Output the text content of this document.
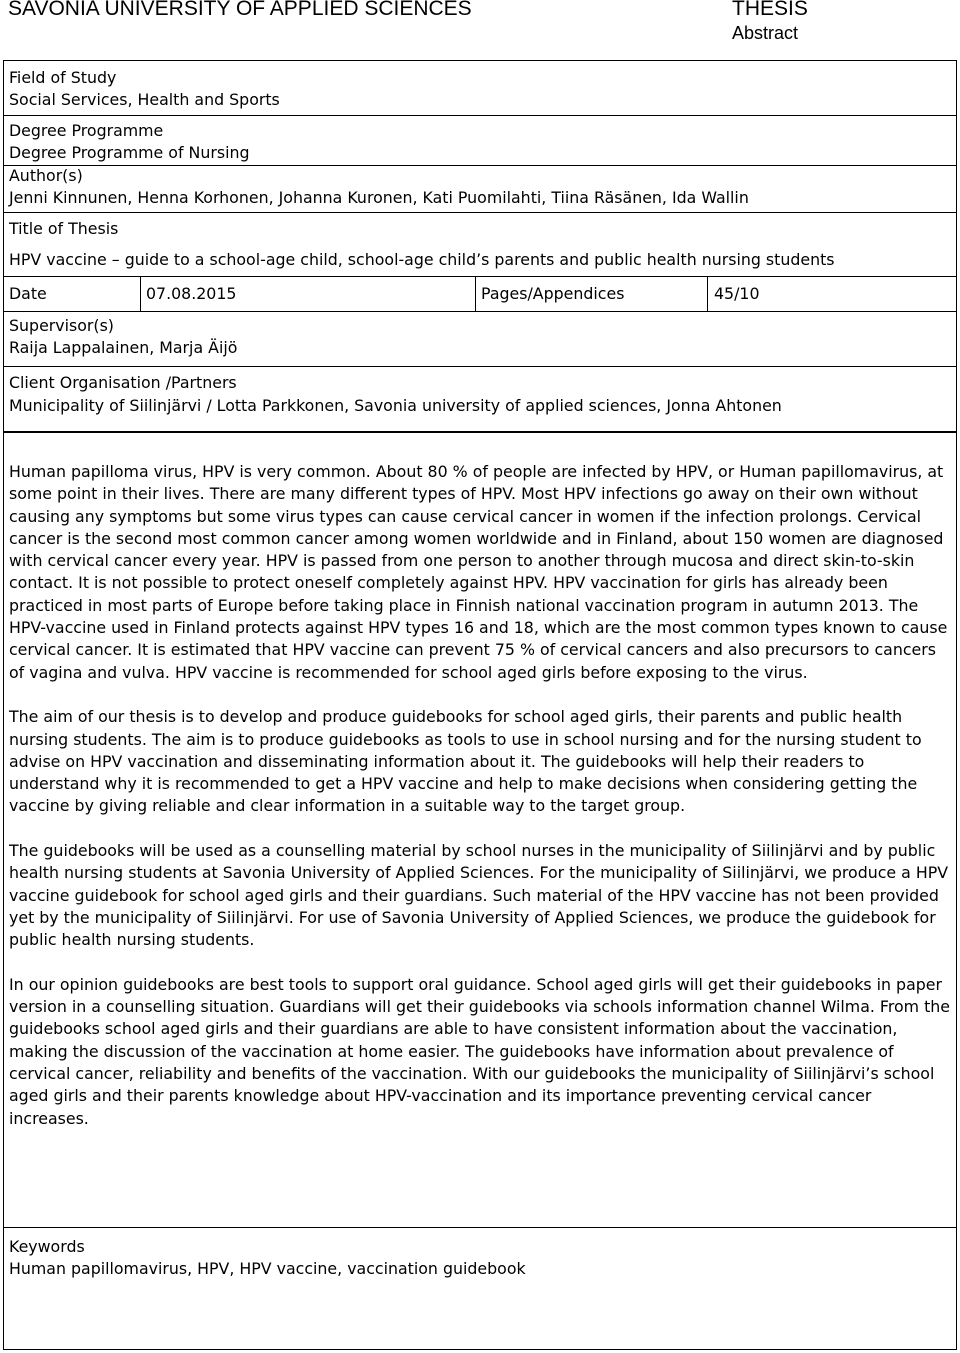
SAVONIA UNIVERSITY OF APPLIED SCIENCES	THESIS
Abstract
Field of Study
Social Services, Health and Sports
Degree Programme
Degree Programme of Nursing
Author(s)
Jenni Kinnunen, Henna Korhonen, Johanna Kuronen, Kati Puomilahti, Tiina Räsänen, Ida Wallin
Title of Thesis
HPV vaccine – guide to a school-age child, school-age child’s parents and public health nursing students
Date	07.08.2015	Pages/Appendices	45/10
Supervisor(s)
Raija Lappalainen, Marja Äijö
Client Organisation /Partners
Municipality of Siilinjärvi / Lotta Parkkonen, Savonia university of applied sciences, Jonna Ahtonen

Human papilloma virus, HPV is very common. About 80 % of people are infected by HPV, or Human papillomavirus, at some point in their lives. There are many different types of HPV. Most HPV infections go away on their own without causing any symptoms but some virus types can cause cervical cancer in women if the infection prolongs. Cervical cancer is the second most common cancer among women worldwide and in Finland, about 150 women are diagnosed with cervical cancer every year. HPV is passed from one person to another through mucosa and direct skin-to-skin contact. It is not possible to protect oneself completely against HPV. HPV vaccination for girls has already been practiced in most parts of Europe before taking place in Finnish national vaccination program in autumn 2013. The HPV-vaccine used in Finland protects against HPV types 16 and 18, which are the most common types known to cause cervical cancer. It is estimated that HPV vaccine can prevent 75 % of cervical cancers and also precursors to cancers of vagina and vulva. HPV vaccine is recommended for school aged girls before exposing to the virus.

The aim of our thesis is to develop and produce guidebooks for school aged girls, their parents and public health nursing students. The aim is to produce guidebooks as tools to use in school nursing and for the nursing student to advise on HPV vaccination and disseminating information about it. The guidebooks will help their readers to understand why it is recommended to get a HPV vaccine and help to make decisions when considering getting the vaccine by giving reliable and clear information in a suitable way to the target group.

The guidebooks will be used as a counselling material by school nurses in the municipality of Siilinjärvi and by public health nursing students at Savonia University of Applied Sciences. For the municipality of Siilinjärvi, we produce a HPV vaccine guidebook for school aged girls and their guardians. Such material of the HPV vaccine has not been provided yet by the municipality of Siilinjärvi. For use of Savonia University of Applied Sciences, we produce the guidebook for public health nursing students.

In our opinion guidebooks are best tools to support oral guidance. School aged girls will get their guidebooks in paper version in a counselling situation. Guardians will get their guidebooks via schools information channel Wilma. From the guidebooks school aged girls and their guardians are able to have consistent information about the vaccination, making the discussion of the vaccination at home easier. The guidebooks have information about prevalence of cervical cancer, reliability and benefits of the vaccination. With our guidebooks the municipality of Siilinjärvi’s school aged girls and their parents knowledge about HPV-vaccination and its importance preventing cervical cancer increases.

Keywords
Human papillomavirus, HPV, HPV vaccine, vaccination guidebook
